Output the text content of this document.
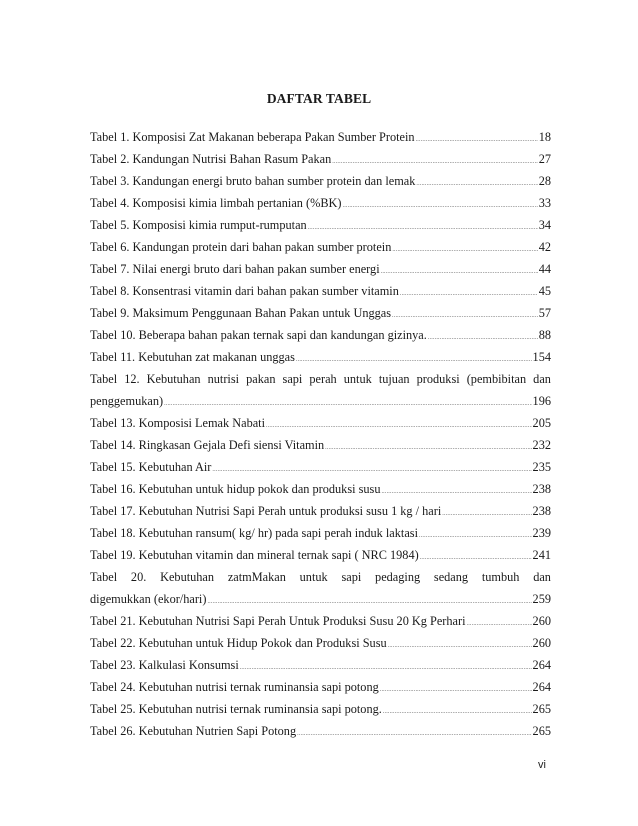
DAFTAR TABEL
Tabel 1. Komposisi Zat Makanan beberapa Pakan Sumber Protein .....	18
Tabel 2. Kandungan Nutrisi Bahan Rasum Pakan .....	27
Tabel 3. Kandungan energi bruto bahan sumber protein dan lemak .....	28
Tabel 4. Komposisi kimia limbah pertanian (%BK) .....	33
Tabel 5. Komposisi kimia rumput-rumputan .....	34
Tabel 6. Kandungan protein dari bahan pakan sumber protein .....	42
Tabel 7. Nilai energi bruto dari bahan pakan sumber energi .....	44
Tabel 8. Konsentrasi vitamin dari bahan pakan sumber vitamin .....	45
Tabel 9. Maksimum Penggunaan Bahan Pakan untuk Unggas .....	57
Tabel 10. Beberapa bahan pakan ternak sapi dan kandungan gizinya. .....	88
Tabel 11. Kebutuhan zat makanan unggas .....	154
Tabel 12. Kebutuhan nutrisi pakan sapi perah untuk tujuan produksi (pembibitan dan
penggemukan) .....	196
Tabel 13. Komposisi Lemak Nabati .....	205
Tabel 14. Ringkasan Gejala Defi siensi Vitamin .....	232
Tabel 15. Kebutuhan Air .....	235
Tabel 16. Kebutuhan untuk hidup pokok dan produksi susu .....	238
Tabel 17. Kebutuhan Nutrisi Sapi Perah untuk produksi susu 1 kg / hari .....	238
Tabel 18. Kebutuhan ransum( kg/ hr) pada sapi perah induk laktasi .....	239
Tabel 19. Kebutuhan vitamin dan mineral ternak sapi ( NRC 1984) .....	241
Tabel 20. Kebutuhan zatmMakan untuk sapi pedaging sedang tumbuh dan
digemukkan (ekor/hari) .....	259
Tabel 21. Kebutuhan Nutrisi Sapi Perah Untuk Produksi Susu 20 Kg Perhari .....	260
Tabel 22. Kebutuhan untuk Hidup Pokok dan Produksi Susu .....	260
Tabel 23. Kalkulasi Konsumsi .....	264
Tabel 24. Kebutuhan nutrisi ternak ruminansia sapi potong .....	264
Tabel 25. Kebutuhan nutrisi ternak ruminansia sapi potong. .....	265
Tabel 26. Kebutuhan Nutrien Sapi Potong .....	265
vi
